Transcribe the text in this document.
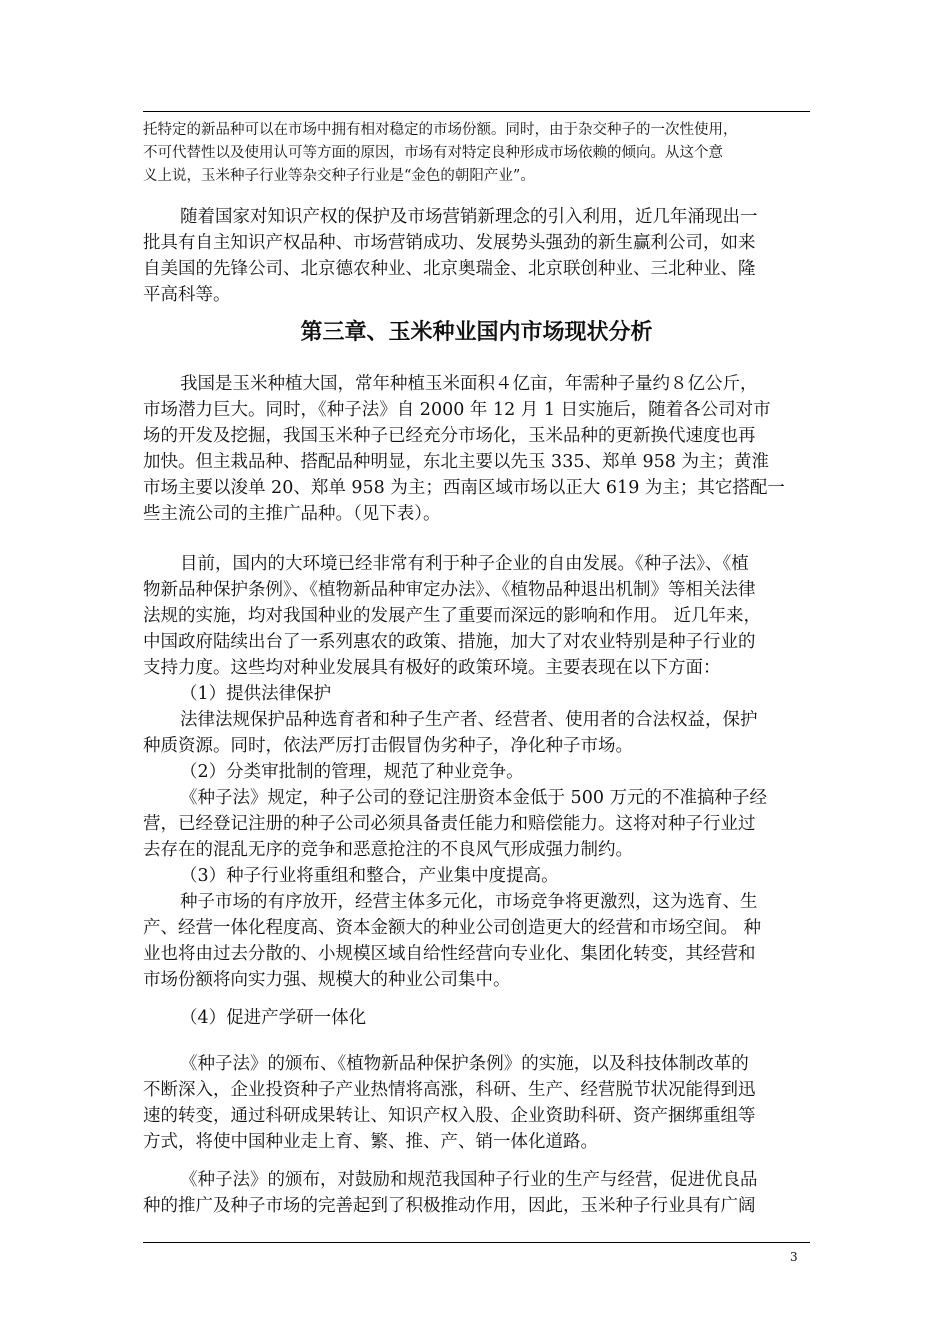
托特定的新品种可以在市场中拥有相对稳定的市场份额。同时，由于杂交种子的一次性使用，
不可代替性以及使用认可等方面的原因，市场有对特定良种形成市场依赖的倾向。从这个意
义上说，玉米种子行业等杂交种子行业是“金色的朝阳产业”。
随着国家对知识产权的保护及市场营销新理念的引入利用，近几年涌现出一
批具有自主知识产权品种、市场营销成功、发展势头强劲的新生赢利公司，如来
自美国的先锋公司、北京德农种业、北京奥瑞金、北京联创种业、三北种业、隆
平高科等。
第三章、玉米种业国内市场现状分析
我国是玉米种植大国，常年种植玉米面积４亿亩，年需种子量约８亿公斤，
市场潜力巨大。同时，《种子法》自 2000 年 12 月 1 日实施后，随着各公司对市
场的开发及挖掘，我国玉米种子已经充分市场化，玉米品种的更新换代速度也再
加快。但主栽品种、搭配品种明显，东北主要以先玉 335、郑单 958 为主；黄淮
市场主要以浚单 20、郑单 958 为主；西南区域市场以正大 619 为主；其它搭配一
些主流公司的主推广品种。（见下表）。
目前，国内的大环境已经非常有利于种子企业的自由发展。《种子法》、《植
物新品种保护条例》、《植物新品种审定办法》、《植物品种退出机制》等相关法律
法规的实施，均对我国种业的发展产生了重要而深远的影响和作用。 近几年来，
中国政府陆续出台了一系列惠农的政策、措施，加大了对农业特别是种子行业的
支持力度。这些均对种业发展具有极好的政策环境。主要表现在以下方面：
（1）提供法律保护
法律法规保护品种选育者和种子生产者、经营者、使用者的合法权益，保护
种质资源。同时，依法严厉打击假冒伪劣种子，净化种子市场。
（2）分类审批制的管理，规范了种业竞争。
《种子法》规定，种子公司的登记注册资本金低于 500 万元的不准搞种子经
营，已经登记注册的种子公司必须具备责任能力和赔偿能力。这将对种子行业过
去存在的混乱无序的竞争和恶意抢注的不良风气形成强力制约。
（3）种子行业将重组和整合，产业集中度提高。
种子市场的有序放开，经营主体多元化，市场竞争将更激烈，这为选育、生
产、经营一体化程度高、资本金额大的种业公司创造更大的经营和市场空间。 种
业也将由过去分散的、小规模区域自给性经营向专业化、集团化转变，其经营和
市场份额将向实力强、规模大的种业公司集中。
（4）促进产学研一体化
《种子法》的颁布、《植物新品种保护条例》的实施，以及科技体制改革的
不断深入，企业投资种子产业热情将高涨，科研、生产、经营脱节状况能得到迅
速的转变，通过科研成果转让、知识产权入股、企业资助科研、资产捆绑重组等
方式，将使中国种业走上育、繁、推、产、销一体化道路。
《种子法》的颁布，对鼓励和规范我国种子行业的生产与经营，促进优良品
种的推广及种子市场的完善起到了积极推动作用，因此，玉米种子行业具有广阔
3
